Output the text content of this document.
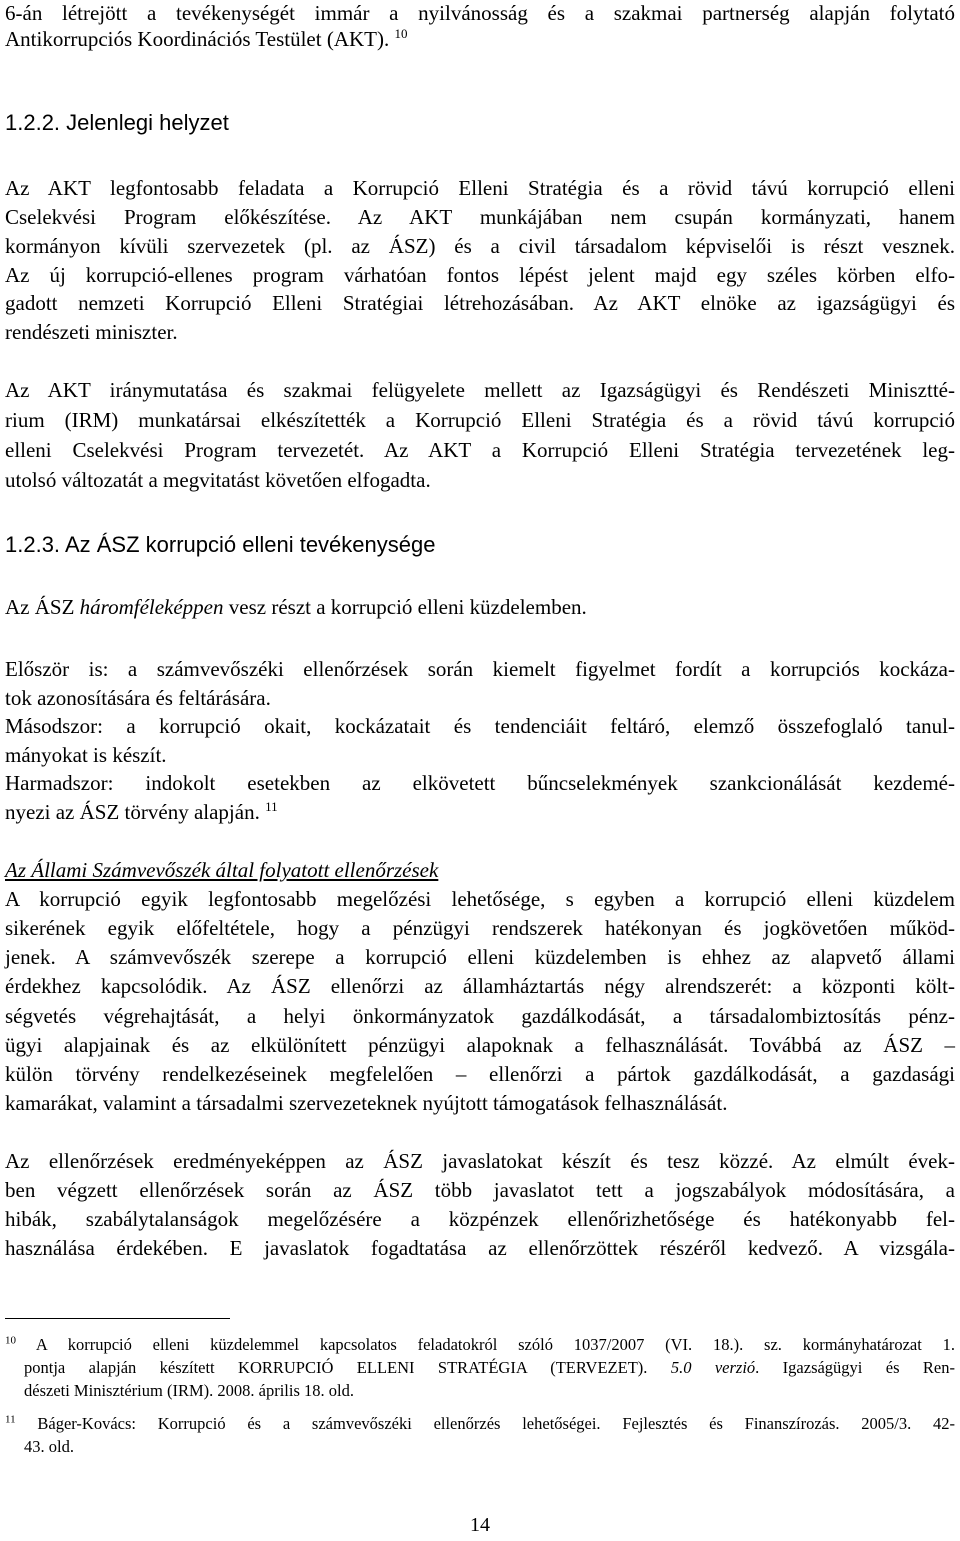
6-án létrejött a tevékenységét immár a nyilvánosság és a szakmai partnerség alapján folytató
Antikorrupciós Koordinációs Testület (AKT). $^{10}$
1.2.2. Jelenlegi helyzet
Az AKT legfontosabb feladata a Korrupció Elleni Stratégia és a rövid távú korrupció elleni
Cselekvési Program előkészítése. Az AKT munkájában nem csupán kormányzati, hanem
kormányon kívüli szervezetek (pl. az ÁSZ) és a civil társadalom képviselői is részt vesznek.
Az új korrupció-ellenes program várhatóan fontos lépést jelent majd egy széles körben elfo-
gadott nemzeti Korrupció Elleni Stratégiai létrehozásában. Az AKT elnöke az igazságügyi és
rendészeti miniszter.
Az AKT iránymutatása és szakmai felügyelete mellett az Igazságügyi és Rendészeti Minisztté-
rium (IRM) munkatársai elkészítették a Korrupció Elleni Stratégia és a rövid távú korrupció
elleni Cselekvési Program tervezetét. Az AKT a Korrupció Elleni Stratégia tervezetének leg-
utolsó változatát a megvitatást követően elfogadta.
1.2.3. Az ÁSZ korrupció elleni tevékenysége
Az ÁSZ háromféleképpen vesz részt a korrupció elleni küzdelemben.
Először is: a számvevőszéki ellenőrzések során kiemelt figyelmet fordít a korrupciós kockáza-
tok azonosítására és feltárására.
Másodszor: a korrupció okait, kockázatait és tendenciáit feltáró, elemző összefoglaló tanul-
mányokat is készít.
Harmadszor: indokolt esetekben az elkövetett bűncselekmények szankcionálását kezdemé-
nyezi az ÁSZ törvény alapján. $^{11}$
Az Állami Számvevőszék által folyatott ellenőrzések
A korrupció egyik legfontosabb megelőzési lehetősége, s egyben a korrupció elleni küzdelem
sikerének egyik előfeltétele, hogy a pénzügyi rendszerek hatékonyan és jogkövetően működ-
jenek. A számvevőszék szerepe a korrupció elleni küzdelemben is ehhez az alapvető állami
érdekhez kapcsolódik. Az ÁSZ ellenőrzi az államháztartás négy alrendszerét: a központi költ-
ségvetés végrehajtását, a helyi önkormányzatok gazdálkodását, a társadalombiztosítás pénz-
ügyi alapjainak és az elkülönített pénzügyi alapoknak a felhasználását. Továbbá az ÁSZ –
külön törvény rendelkezéseinek megfelelően – ellenőrzi a pártok gazdálkodását, a gazdasági
kamarákat, valamint a társadalmi szervezeteknek nyújtott támogatások felhasználását.
Az ellenőrzések eredményeképpen az ÁSZ javaslatokat készít és tesz közzé. Az elmúlt évek-
ben végzett ellenőrzések során az ÁSZ több javaslatot tett a jogszabályok módosítására, a
hibák, szabálytalanságok megelőzésére a közpénzek ellenőrizhetősége és hatékonyabb fel-
használása érdekében. E javaslatok fogadtatása az ellenőrzöttek részéről kedvező. A vizsgála-
$^{10}$ A korrupció elleni küzdelemmel kapcsolatos feladatokról szóló 1037/2007 (VI. 18.). sz. kormányhatározat 1.
pontja alapján készített KORRUPCIÓ ELLENI STRATÉGIA (TERVEZET). 5.0 verzió. Igazságügyi és Ren-
dészeti Minisztérium (IRM). 2008. április 18. old.
$^{11}$ Báger-Kovács: Korrupció és a számvevőszéki ellenőrzés lehetőségei. Fejlesztés és Finanszírozás. 2005/3. 42-
43. old.
14
